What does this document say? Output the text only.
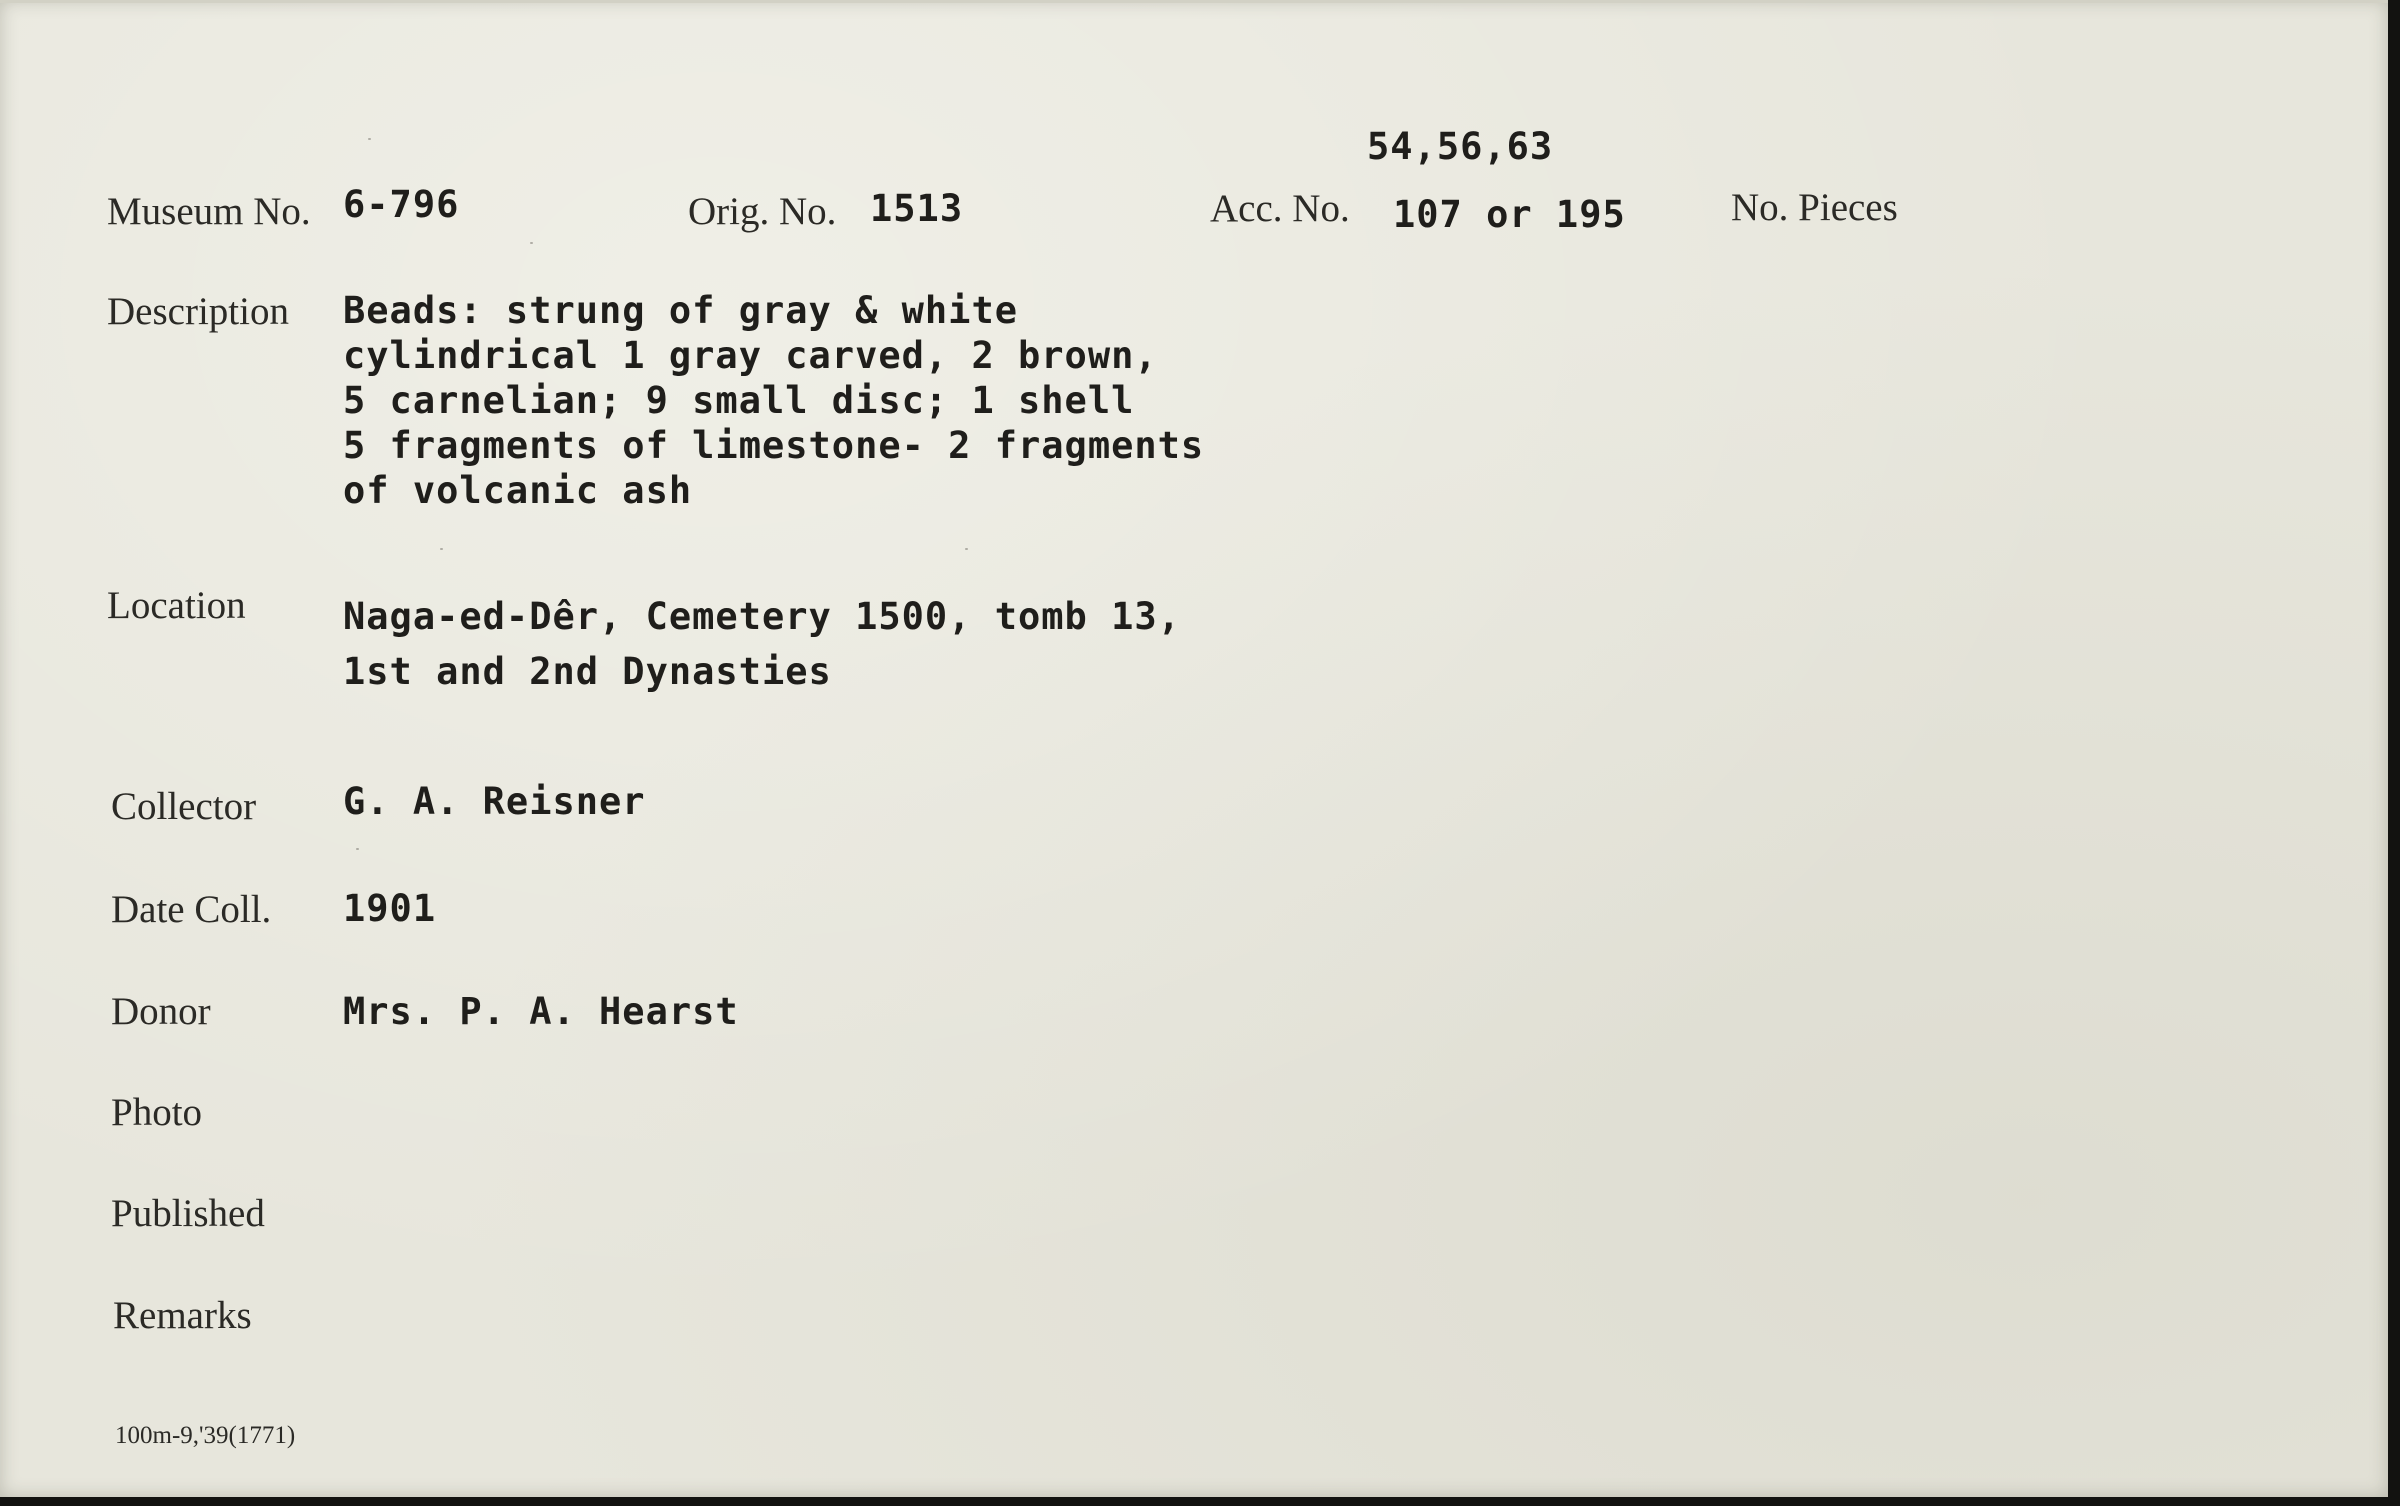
Museum No. 6-796	Orig. No. 1513
54,56,63
Acc. No. 107 or 195	No. Pieces
Description Beads: strung of gray & white
cylindrical 1 gray carved, 2 brown,
5 carnelian; 9 small disc; 1 shell
5 fragments of limestone- 2 fragments
of volcanic ash
Location	Naga-ed-Dêr, Cemetery 1500, tomb 13,
1st and 2nd Dynasties
Collector G. A. Reisner
Date Coll. 1901
Donor	Mrs. P. A. Hearst
Photo
Published
Remarks
100m-9,'39(1771)
